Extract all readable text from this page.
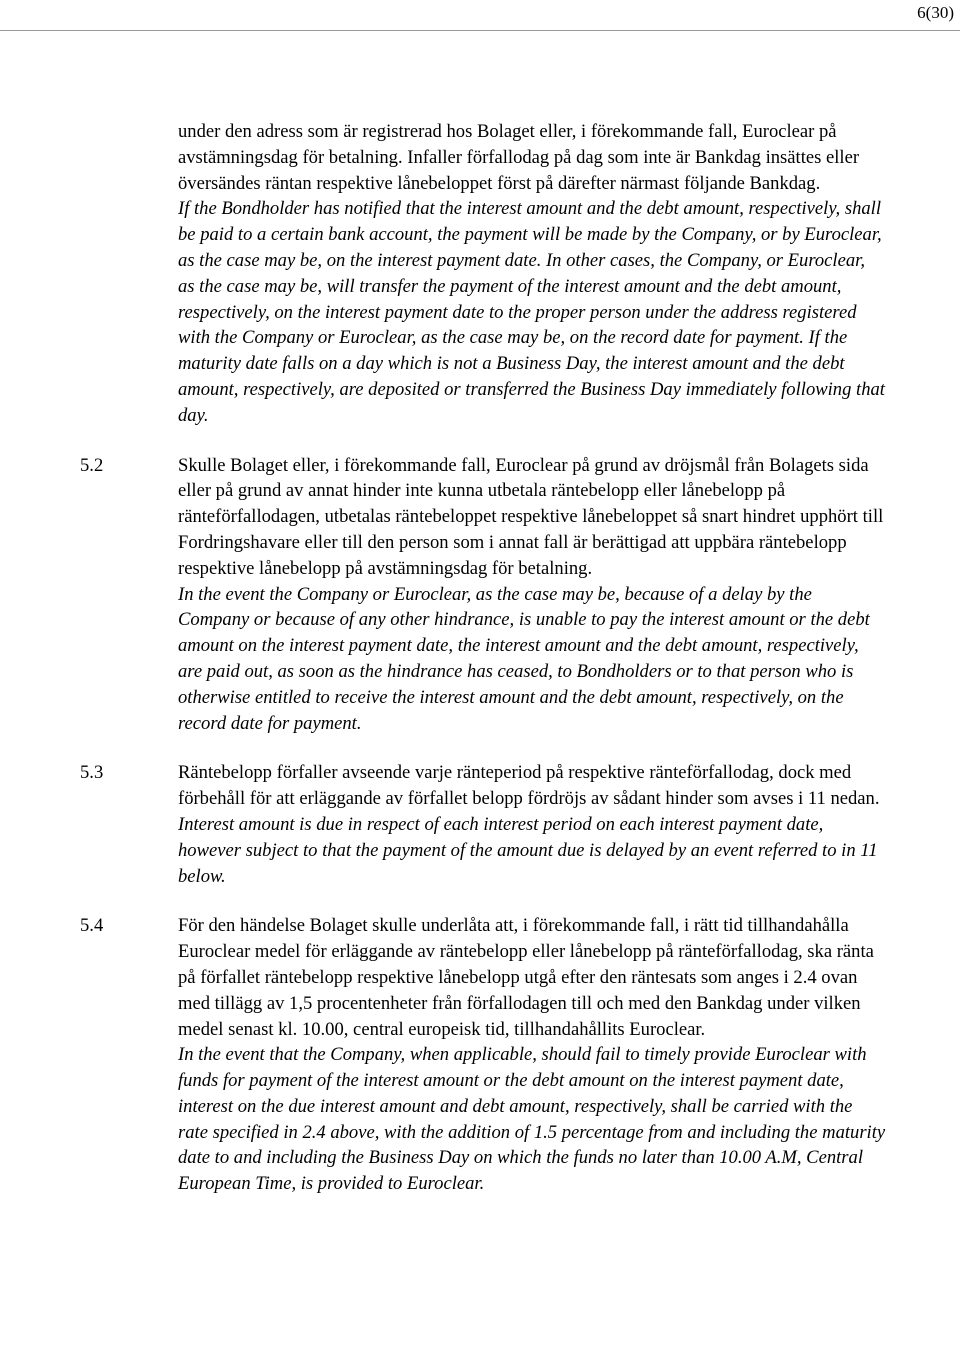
6(30)

under den adress som är registrerad hos Bolaget eller, i förekommande fall, Euroclear på avstämningsdag för betalning. Infaller förfallodag på dag som inte är Bankdag insättes eller översändes räntan respektive lånebeloppet först på därefter närmast följande Bankdag.

If the Bondholder has notified that the interest amount and the debt amount, respectively, shall be paid to a certain bank account, the payment will be made by the Company, or by Euroclear, as the case may be, on the interest payment date. In other cases, the Company, or Euroclear, as the case may be, will transfer the payment of the interest amount and the debt amount, respectively, on the interest payment date to the proper person under the address registered with the Company or Euroclear, as the case may be, on the record date for payment. If the maturity date falls on a day which is not a Business Day, the interest amount and the debt amount, respectively, are deposited or transferred the Business Day immediately following that day.

5.2	Skulle Bolaget eller, i förekommande fall, Euroclear på grund av dröjsmål från Bolagets sida eller på grund av annat hinder inte kunna utbetala räntebelopp eller lånebelopp på ränteförfallodagen, utbetalas räntebeloppet respektive lånebeloppet så snart hindret upphört till Fordringshavare eller till den person som i annat fall är berättigad att uppbära räntebelopp respektive lånebelopp på avstämningsdag för betalning.

In the event the Company or Euroclear, as the case may be, because of a delay by the Company or because of any other hindrance, is unable to pay the interest amount or the debt amount on the interest payment date, the interest amount and the debt amount, respectively, are paid out, as soon as the hindrance has ceased, to Bondholders or to that person who is otherwise entitled to receive the interest amount and the debt amount, respectively, on the record date for payment.

5.3	Räntebelopp förfaller avseende varje ränteperiod på respektive ränteförfallodag, dock med förbehåll för att erläggande av förfallet belopp fördröjs av sådant hinder som avses i 11 nedan.

Interest amount is due in respect of each interest period on each interest payment date, however subject to that the payment of the amount due is delayed by an event referred to in 11 below.

5.4	För den händelse Bolaget skulle underlåta att, i förekommande fall, i rätt tid tillhandahålla Euroclear medel för erläggande av räntebelopp eller lånebelopp på ränteförfallodag, ska ränta på förfallet räntebelopp respektive lånebelopp utgå efter den räntesats som anges i 2.4 ovan med tillägg av 1,5 procentenheter från förfallodagen till och med den Bankdag under vilken medel senast kl. 10.00, central europeisk tid, tillhandahållits Euroclear.

In the event that the Company, when applicable, should fail to timely provide Euroclear with funds for payment of the interest amount or the debt amount on the interest payment date, interest on the due interest amount and debt amount, respectively, shall be carried with the rate specified in 2.4 above, with the addition of 1.5 percentage from and including the maturity date to and including the Business Day on which the funds no later than 10.00 A.M, Central European Time, is provided to Euroclear.
